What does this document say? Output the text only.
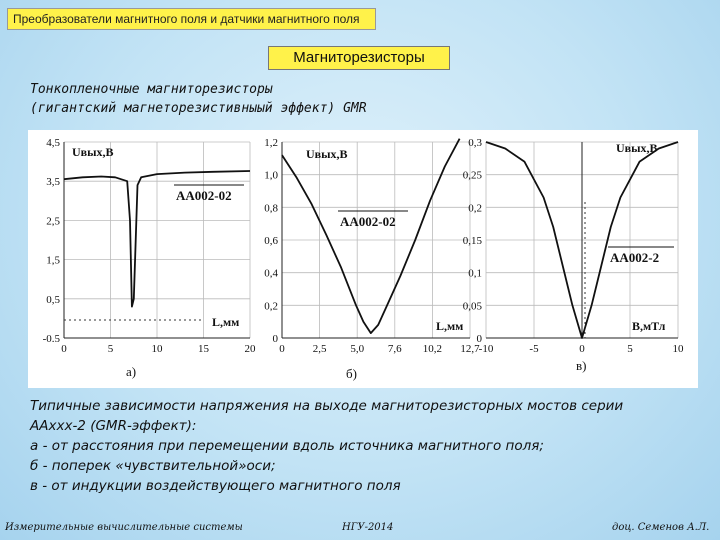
Преобразователи магнитного поля и датчики магнитного поля
Магниторезисторы
Тонкопленочные магниторезисторы
(гигантский магнеторезистивныый эффект) GMR
0	5	10	15	20
4,5
3,5
2,5
1,5
0,5
-0.5
Uвых,В
L,мм
AA002-02
а)
0	2,5 5,0 7,6 10,2 12,7
1,2
1,0
0,8
0,6
0,4
0,2
0
Uвых,В
L,мм
AA002-02
б)
-10	-5	0	5	10
0,3
0,25
0,2
0,15
0,1
0,05
0
Uвых,В
В,мТл
AA002-2
в)
Типичные зависимости напряжения на выходе магниторезисторных мостов серии
AAxxx-2 (GMR-эффект):
а - от расстояния при перемещении вдоль источника магнитного поля;
б - поперек «чувствительной»оси;
в - от индукции воздействующего магнитного поля
Измерительные вычислительные системы	НГУ-2014	доц. Семенов А.Л.
